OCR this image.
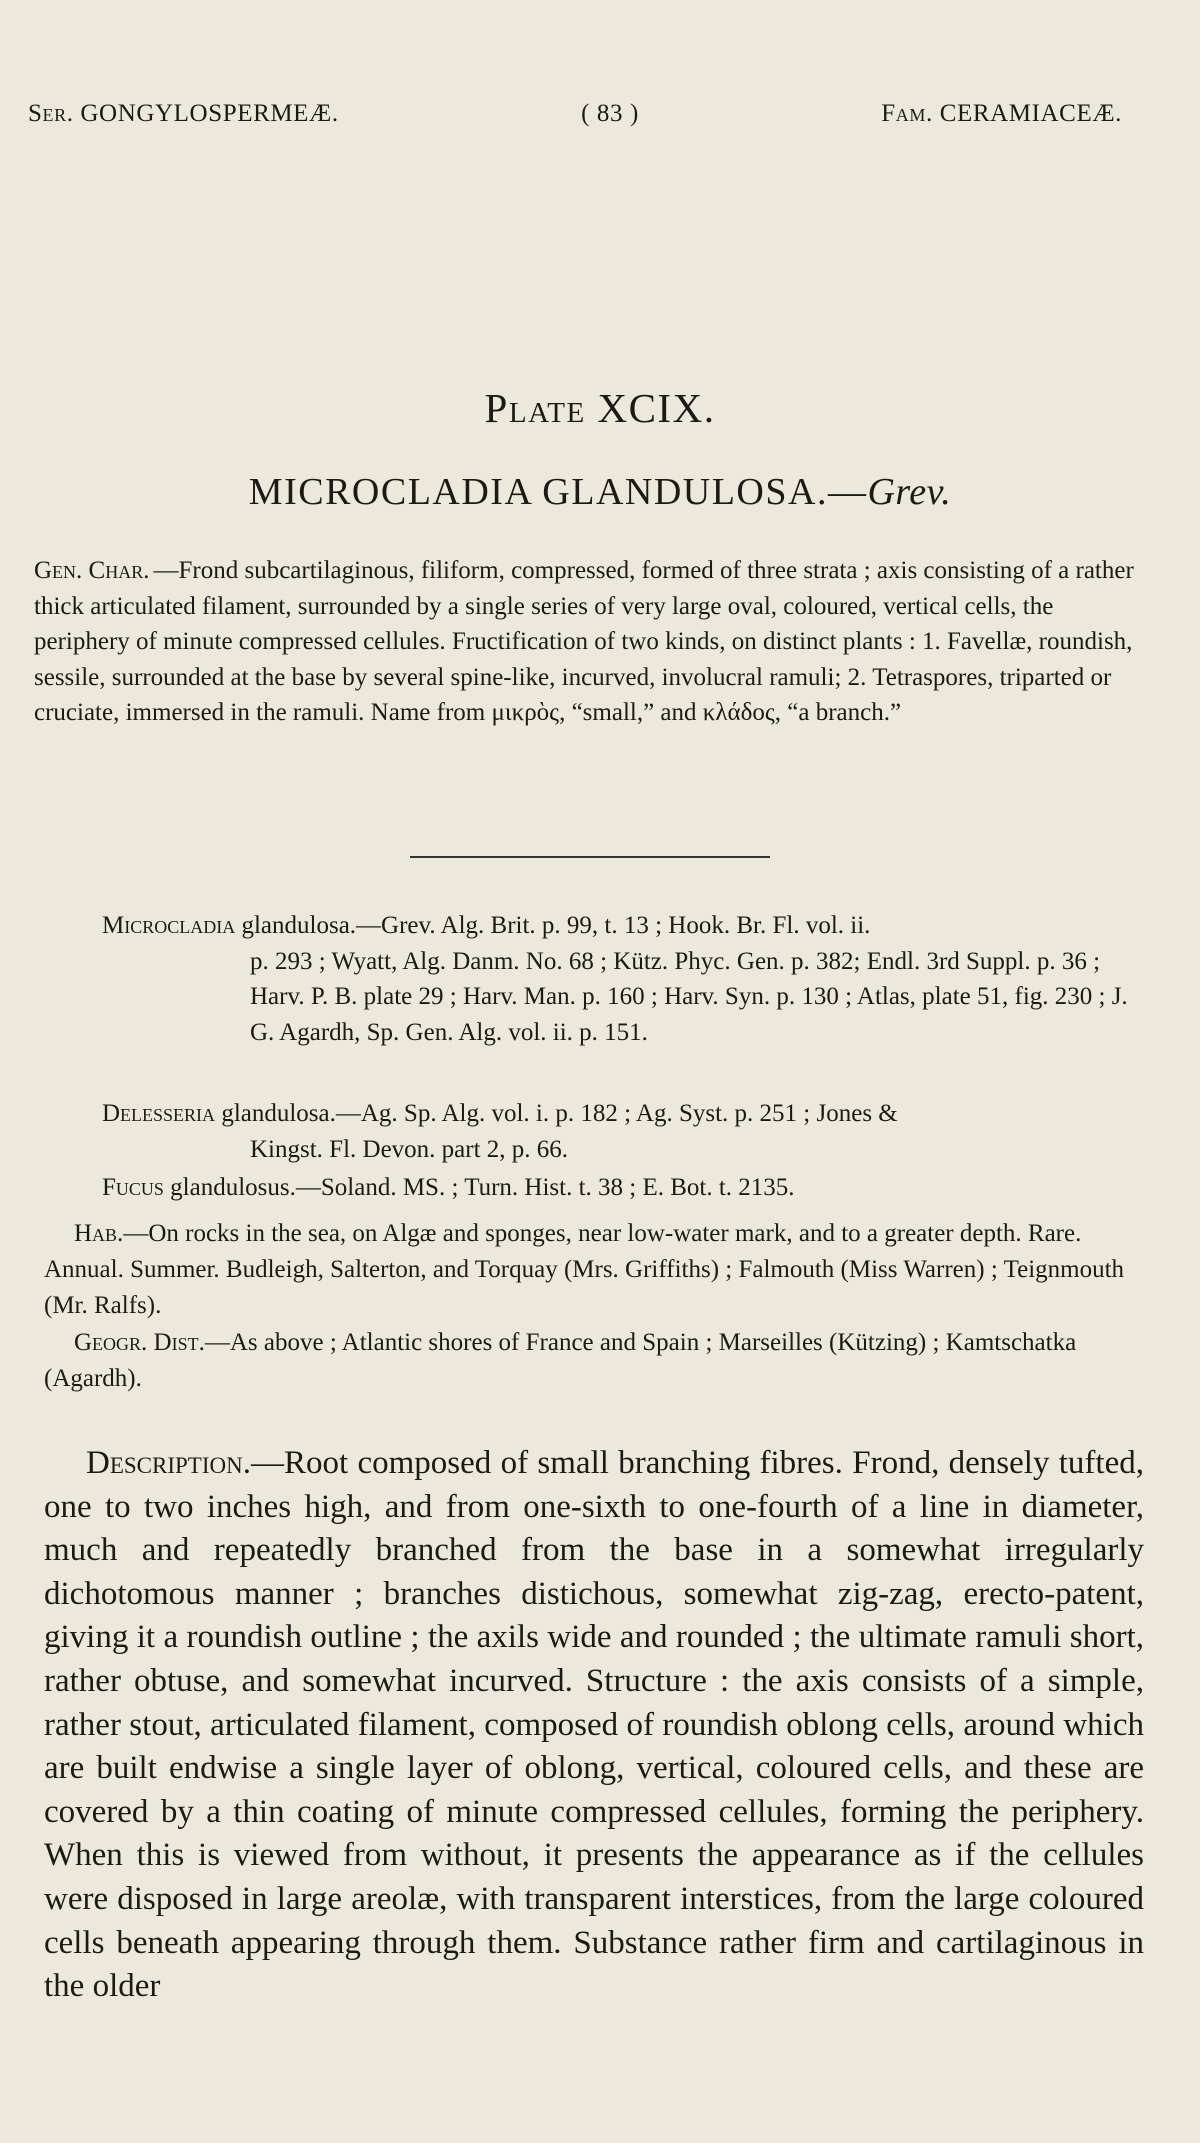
Ser. GONGYLOSPERMEÆ.	( 83 )	Fam. CERAMIACEÆ.
Plate XCIX.
MICROCLADIA GLANDULOSA.—Grev.
Gen. Char. —Frond subcartilaginous, filiform, compressed, formed of three strata ; axis consisting of a rather thick articulated filament, surrounded by a single series of very large oval, coloured, vertical cells, the periphery of minute compressed cellules. Fructification of two kinds, on distinct plants : 1. Favellæ, roundish, sessile, surrounded at the base by several spine-like, incurved, involucral ramuli; 2. Tetraspores, triparted or cruciate, immersed in the ramuli. Name from μικρὸς, “small,” and κλάδος, “a branch.”
Microcladia glandulosa.—Grev. Alg. Brit. p. 99, t. 13 ; Hook. Br. Fl. vol. ii.
p. 293 ; Wyatt, Alg. Danm. No. 68 ; Kütz. Phyc. Gen. p. 382; Endl. 3rd Suppl. p. 36 ; Harv. P. B. plate 29 ; Harv. Man. p. 160 ; Harv. Syn. p. 130 ; Atlas, plate 51, fig. 230 ; J. G. Agardh, Sp. Gen. Alg. vol. ii. p. 151.
Delesseria glandulosa.—Ag. Sp. Alg. vol. i. p. 182 ; Ag. Syst. p. 251 ; Jones &
Kingst. Fl. Devon. part 2, p. 66.
Fucus glandulosus.—Soland. MS. ; Turn. Hist. t. 38 ; E. Bot. t. 2135.
Hab.—On rocks in the sea, on Algæ and sponges, near low-water mark, and to a greater depth. Rare. Annual. Summer. Budleigh, Salterton, and Torquay (Mrs. Griffiths) ; Falmouth (Miss Warren) ; Teignmouth (Mr. Ralfs).
Geogr. Dist.—As above ; Atlantic shores of France and Spain ; Marseilles (Kützing) ; Kamtschatka (Agardh).
Description.—Root composed of small branching fibres. Frond, densely tufted, one to two inches high, and from one-sixth to one-fourth of a line in diameter, much and repeatedly branched from the base in a somewhat irregularly dichotomous manner ; branches distichous, somewhat zig-zag, erecto-patent, giving it a roundish outline ; the axils wide and rounded ; the ultimate ramuli short, rather obtuse, and somewhat incurved. Structure : the axis consists of a simple, rather stout, articulated filament, composed of roundish oblong cells, around which are built endwise a single layer of oblong, vertical, coloured cells, and these are covered by a thin coating of minute compressed cellules, forming the periphery. When this is viewed from without, it presents the appearance as if the cellules were disposed in large areolæ, with transparent interstices, from the large coloured cells beneath appearing through them. Substance rather firm and cartilaginous in the older
